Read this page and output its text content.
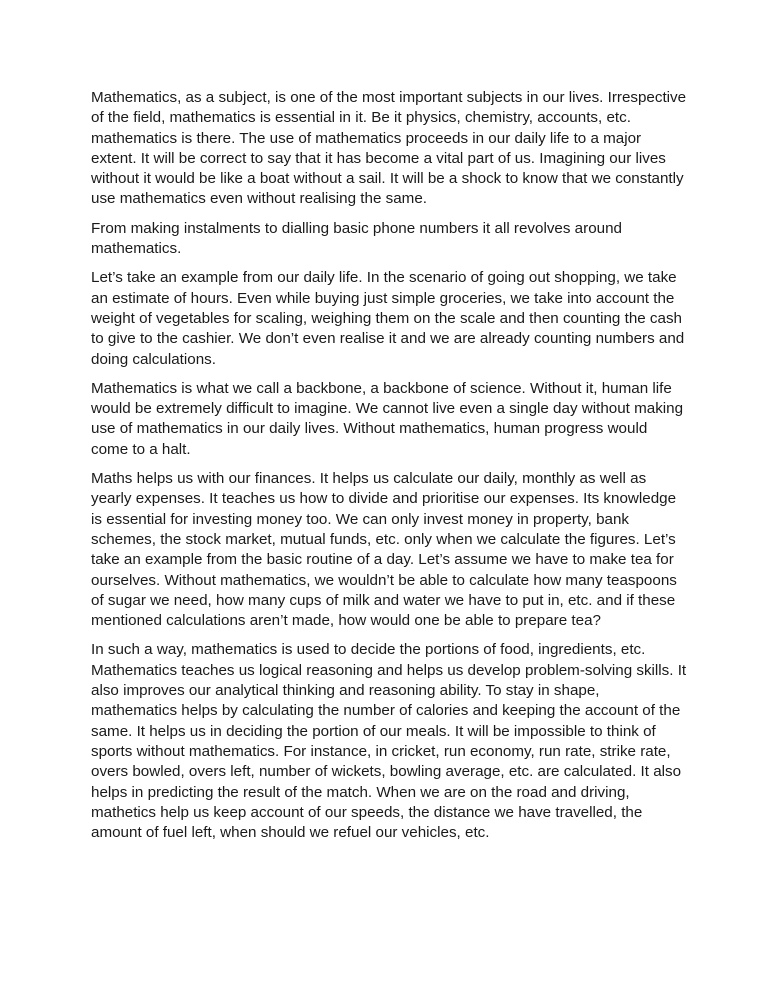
Mathematics, as a subject, is one of the most important subjects in our lives. Irrespective of the field, mathematics is essential in it. Be it physics, chemistry, accounts, etc. mathematics is there. The use of mathematics proceeds in our daily life to a major extent. It will be correct to say that it has become a vital part of us. Imagining our lives without it would be like a boat without a sail. It will be a shock to know that we constantly use mathematics even without realising the same.

From making instalments to dialling basic phone numbers it all revolves around mathematics.

Let’s take an example from our daily life. In the scenario of going out shopping, we take an estimate of hours. Even while buying just simple groceries, we take into account the weight of vegetables for scaling, weighing them on the scale and then counting the cash to give to the cashier. We don’t even realise it and we are already counting numbers and doing calculations.

Mathematics is what we call a backbone, a backbone of science. Without it, human life would be extremely difficult to imagine. We cannot live even a single day without making use of mathematics in our daily lives. Without mathematics, human progress would come to a halt.

Maths helps us with our finances. It helps us calculate our daily, monthly as well as yearly expenses. It teaches us how to divide and prioritise our expenses. Its knowledge is essential for investing money too. We can only invest money in property, bank schemes, the stock market, mutual funds, etc. only when we calculate the figures. Let’s take an example from the basic routine of a day. Let’s assume we have to make tea for ourselves. Without mathematics, we wouldn’t be able to calculate how many teaspoons of sugar we need, how many cups of milk and water we have to put in, etc. and if these mentioned calculations aren’t made, how would one be able to prepare tea?

In such a way, mathematics is used to decide the portions of food, ingredients, etc. Mathematics teaches us logical reasoning and helps us develop problem-solving skills. It also improves our analytical thinking and reasoning ability. To stay in shape, mathematics helps by calculating the number of calories and keeping the account of the same. It helps us in deciding the portion of our meals. It will be impossible to think of sports without mathematics. For instance, in cricket, run economy, run rate, strike rate, overs bowled, overs left, number of wickets, bowling average, etc. are calculated. It also helps in predicting the result of the match. When we are on the road and driving, mathetics help us keep account of our speeds, the distance we have travelled, the amount of fuel left, when should we refuel our vehicles, etc.
